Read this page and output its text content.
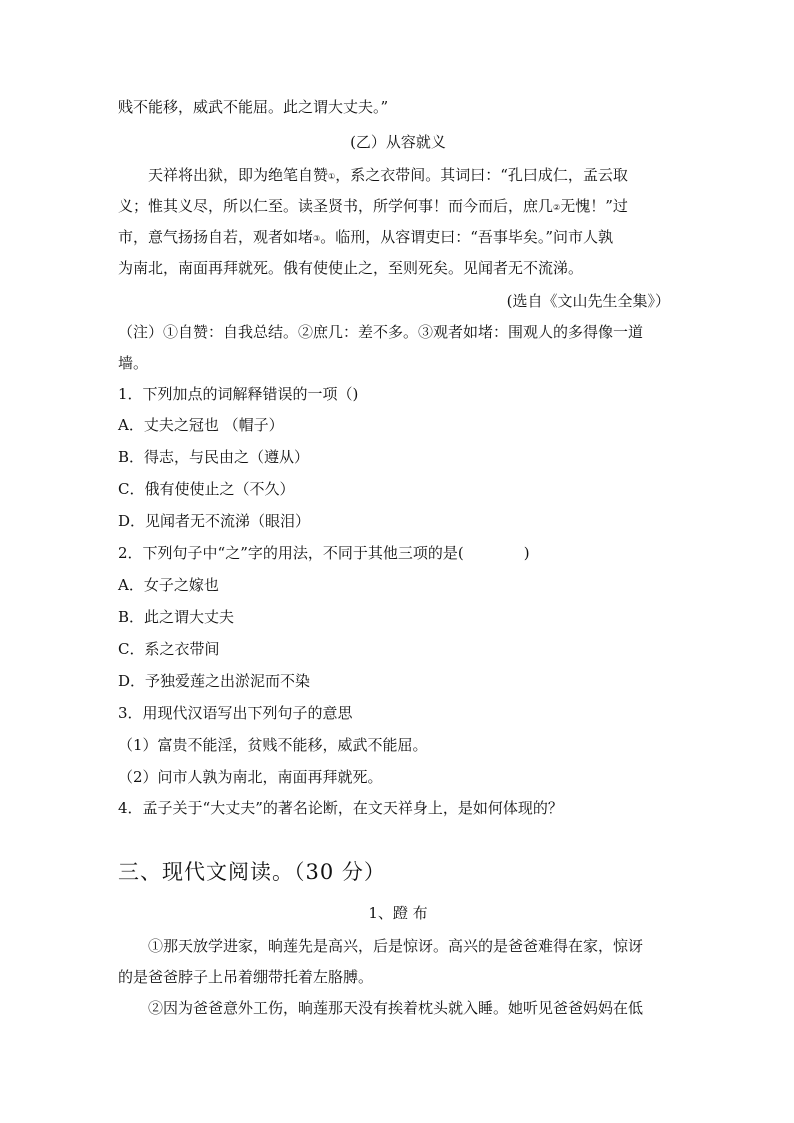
贱不能移，威武不能屈。此之谓大丈夫。”
(乙）从容就义
天祥将出狱，即为绝笔自赞①，系之衣带间。其词曰：“孔曰成仁，孟云取
义；惟其义尽，所以仁至。读圣贤书，所学何事！而今而后，庶几②无愧！”过
市，意气扬扬自若，观者如堵③。临刑，从容谓吏曰：“吾事毕矣。”问市人孰
为南北，南面再拜就死。俄有使使止之，至则死矣。见闻者无不流涕。
(选自《文山先生全集》）
（注）①自赞：自我总结。②庶几：差不多。③观者如堵：围观人的多得像一道
墙。
1．下列加点的词解释错误的一项（)
A．丈夫之冠也 （帽子）
B．得志，与民由之（遵从）
C．俄有使使止之（不久）
D．见闻者无不流涕（眼泪）
2．下列句子中“之”字的用法，不同于其他三项的是(　　　　)
A．女子之嫁也
B．此之谓大丈夫
C．系之衣带间
D．予独爱莲之出淤泥而不染
3．用现代汉语写出下列句子的意思
（1）富贵不能淫，贫贱不能移，威武不能屈。
（2）问市人孰为南北，南面再拜就死。
4．孟子关于“大丈夫”的著名论断，在文天祥身上，是如何体现的？
三、现代文阅读。（30 分）
1、蹬 布
①那天放学进家，晌莲先是高兴，后是惊讶。高兴的是爸爸难得在家，惊讶
的是爸爸脖子上吊着绷带托着左胳膊。
②因为爸爸意外工伤，晌莲那天没有挨着枕头就入睡。她听见爸爸妈妈在低
